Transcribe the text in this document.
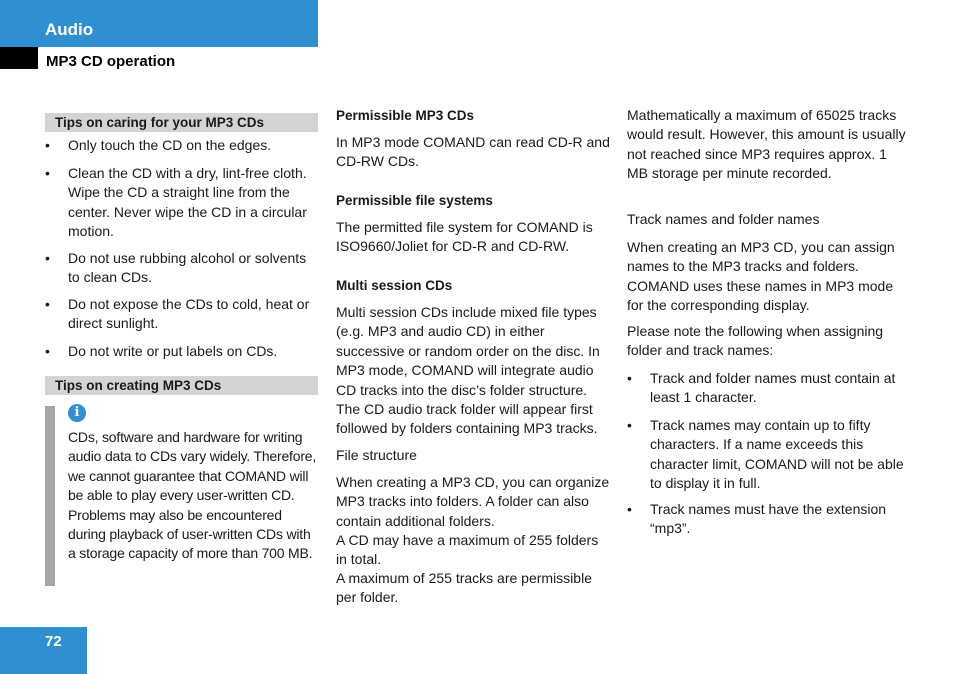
Audio
MP3 CD operation
Tips on caring for your MP3 CDs
• Only touch the CD on the edges.
• Clean the CD with a dry, lint-free cloth. Wipe the CD a straight line from the center. Never wipe the CD in a circular motion.
• Do not use rubbing alcohol or solvents to clean CDs.
• Do not expose the CDs to cold, heat or direct sunlight.
• Do not write or put labels on CDs.
Tips on creating MP3 CDs
i
CDs, software and hardware for writing audio data to CDs vary widely. Therefore, we cannot guarantee that COMAND will be able to play every user-written CD. Problems may also be encountered during playback of user-written CDs with a storage capacity of more than 700 MB.
Permissible MP3 CDs
In MP3 mode COMAND can read CD-R and CD-RW CDs.
Permissible file systems
The permitted file system for COMAND is ISO9660/Joliet for CD-R and CD-RW.
Multi session CDs
Multi session CDs include mixed file types (e.g. MP3 and audio CD) in either successive or random order on the disc. In MP3 mode, COMAND will integrate audio CD tracks into the disc’s folder structure. The CD audio track folder will appear first followed by folders containing MP3 tracks.
File structure
When creating a MP3 CD, you can organize MP3 tracks into folders. A folder can also contain additional folders.
A CD may have a maximum of 255 folders in total.
A maximum of 255 tracks are permissible per folder.
Mathematically a maximum of 65025 tracks would result. However, this amount is usually not reached since MP3 requires approx. 1 MB storage per minute recorded.
Track names and folder names
When creating an MP3 CD, you can assign names to the MP3 tracks and folders. COMAND uses these names in MP3 mode for the corresponding display.
Please note the following when assigning folder and track names:
• Track and folder names must contain at least 1 character.
• Track names may contain up to fifty characters. If a name exceeds this character limit, COMAND will not be able to display it in full.
• Track names must have the extension “mp3”.
72
